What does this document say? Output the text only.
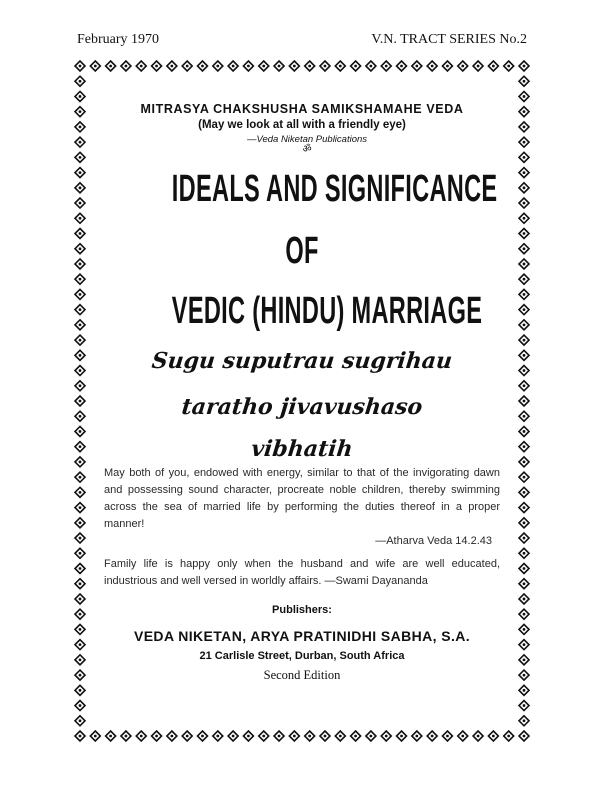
February 1970	V.N. TRACT SERIES No.2
MITRASYA CHAKSHUSHA SAMIKSHAMAHE VEDA
(May we look at all with a friendly eye)
—Veda Niketan Publications
ॐ
IDEALS AND SIGNIFICANCE
OF
VEDIC (HINDU) MARRIAGE
Sugu suputrau sugrihau
taratho jivavushaso
vibhatih
May both of you, endowed with energy, similar to that of the invigorating dawn and possessing sound character, procreate noble children, thereby swimming across the sea of married life by performing the duties thereof in a proper manner!
—Atharva Veda 14.2.43
Family life is happy only when the husband and wife are well educated, industrious and well versed in worldly affairs. —Swami Dayananda
Publishers:
VEDA NIKETAN, ARYA PRATINIDHI SABHA, S.A.
21 Carlisle Street, Durban, South Africa
Second Edition
